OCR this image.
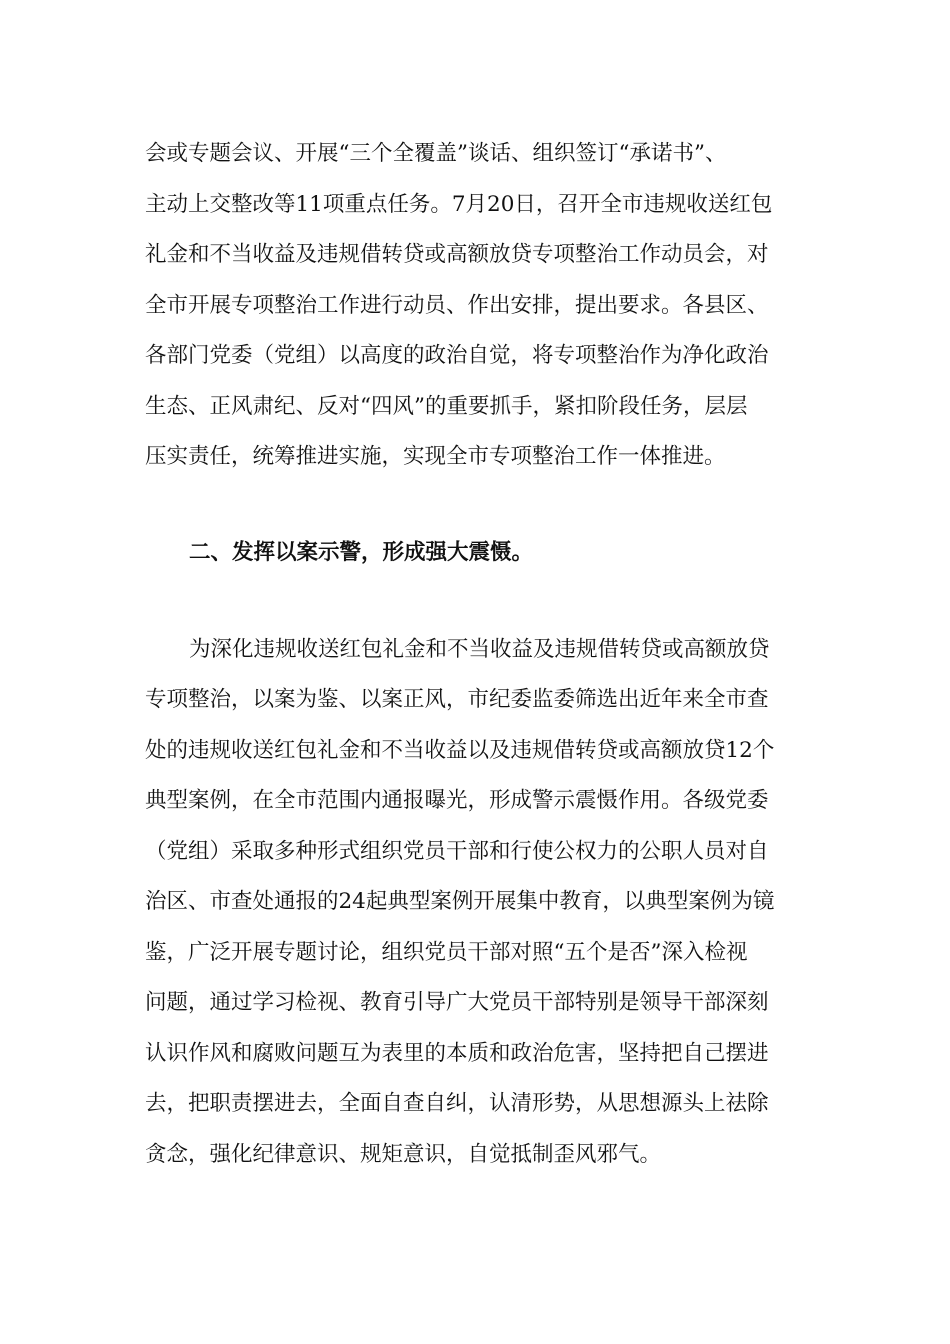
会或专题会议、开展“三个全覆盖”谈话、组织签订“承诺书”、
主动上交整改等11项重点任务。7月20日，召开全市违规收送红包
礼金和不当收益及违规借转贷或高额放贷专项整治工作动员会，对
全市开展专项整治工作进行动员、作出安排，提出要求。各县区、
各部门党委（党组）以高度的政治自觉，将专项整治作为净化政治
生态、正风肃纪、反对“四风”的重要抓手，紧扣阶段任务，层层
压实责任，统筹推进实施，实现全市专项整治工作一体推进。
二、发挥以案示警，形成强大震慑。
为深化违规收送红包礼金和不当收益及违规借转贷或高额放贷
专项整治，以案为鉴、以案正风，市纪委监委筛选出近年来全市查
处的违规收送红包礼金和不当收益以及违规借转贷或高额放贷12个
典型案例，在全市范围内通报曝光，形成警示震慑作用。各级党委
（党组）采取多种形式组织党员干部和行使公权力的公职人员对自
治区、市查处通报的24起典型案例开展集中教育，以典型案例为镜
鉴，广泛开展专题讨论，组织党员干部对照“五个是否”深入检视
问题，通过学习检视、教育引导广大党员干部特别是领导干部深刻
认识作风和腐败问题互为表里的本质和政治危害，坚持把自己摆进
去，把职责摆进去，全面自查自纠，认清形势，从思想源头上祛除
贪念，强化纪律意识、规矩意识，自觉抵制歪风邪气。
